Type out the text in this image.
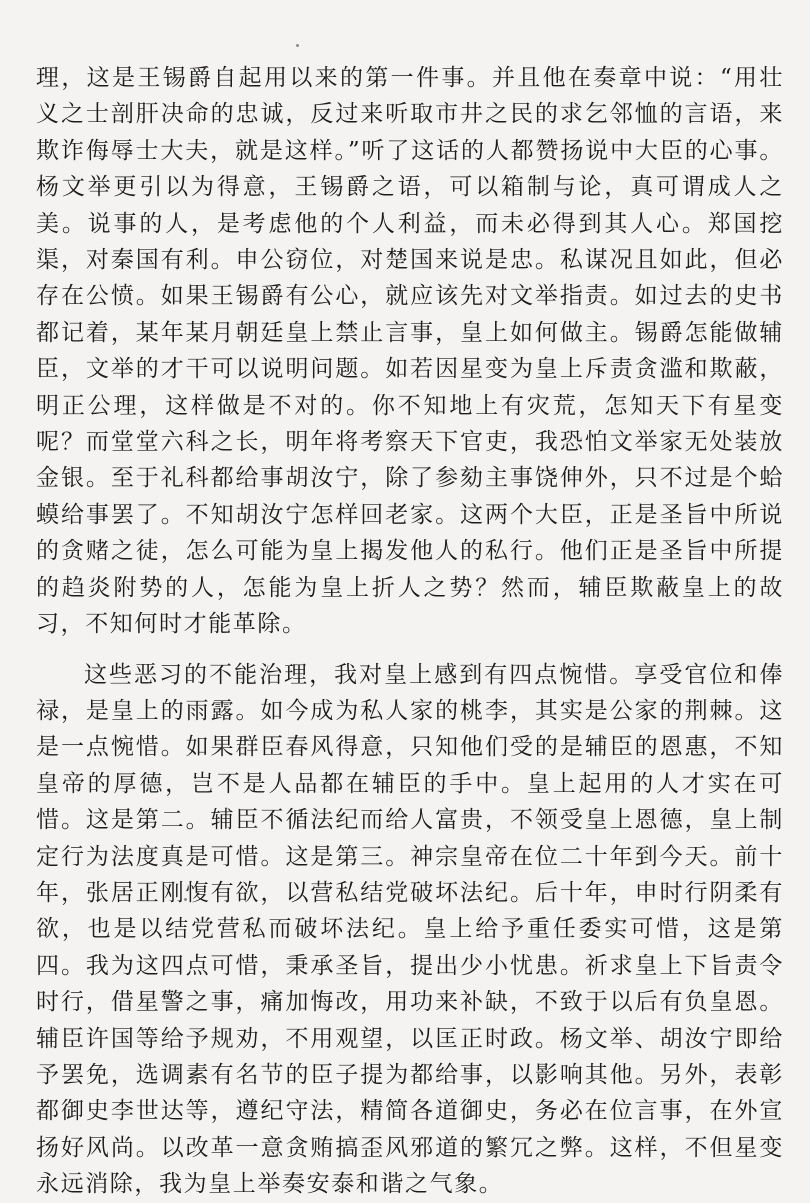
理，这是王锡爵自起用以来的第一件事。并且他在奏章中说：“用壮义之士剖肝决命的忠诚，反过来听取市井之民的求乞邻恤的言语，来欺诈侮辱士大夫，就是这样。”听了这话的人都赞扬说中大臣的心事。杨文举更引以为得意，王锡爵之语，可以箱制与论，真可谓成人之美。说事的人，是考虑他的个人利益，而未必得到其人心。郑国挖渠，对秦国有利。申公窃位，对楚国来说是忠。私谋况且如此，但必存在公愤。如果王锡爵有公心，就应该先对文举指责。如过去的史书都记着，某年某月朝廷皇上禁止言事，皇上如何做主。锡爵怎能做辅臣，文举的才干可以说明问题。如若因星变为皇上斥责贪滥和欺蔽，明正公理，这样做是不对的。你不知地上有灾荒，怎知天下有星变呢？而堂堂六科之长，明年将考察天下官吏，我恐怕文举家无处装放金银。至于礼科都给事胡汝宁，除了参劾主事饶伸外，只不过是个蛤蟆给事罢了。不知胡汝宁怎样回老家。这两个大臣，正是圣旨中所说的贪赌之徒，怎么可能为皇上揭发他人的私行。他们正是圣旨中所提的趋炎附势的人，怎能为皇上折人之势？然而，辅臣欺蔽皇上的故习，不知何时才能革除。

这些恶习的不能治理，我对皇上感到有四点惋惜。享受官位和俸禄，是皇上的雨露。如今成为私人家的桃李，其实是公家的荆棘。这是一点惋惜。如果群臣春风得意，只知他们受的是辅臣的恩惠，不知皇帝的厚德，岂不是人品都在辅臣的手中。皇上起用的人才实在可惜。这是第二。辅臣不循法纪而给人富贵，不领受皇上恩德，皇上制定行为法度真是可惜。这是第三。神宗皇帝在位二十年到今天。前十年，张居正刚愎有欲，以营私结党破坏法纪。后十年，申时行阴柔有欲，也是以结党营私而破坏法纪。皇上给予重任委实可惜，这是第四。我为这四点可惜，秉承圣旨，提出少小忧患。祈求皇上下旨责令时行，借星警之事，痛加悔改，用功来补缺，不致于以后有负皇恩。辅臣许国等给予规劝，不用观望，以匡正时政。杨文举、胡汝宁即给予罢免，选调素有名节的臣子提为都给事，以影响其他。另外，表彰都御史李世达等，遵纪守法，精简各道御史，务必在位言事，在外宣扬好风尚。以改革一意贪贿搞歪风邪道的繁冗之弊。这样，不但星变永远消除，我为皇上举奏安泰和谐之气象。
